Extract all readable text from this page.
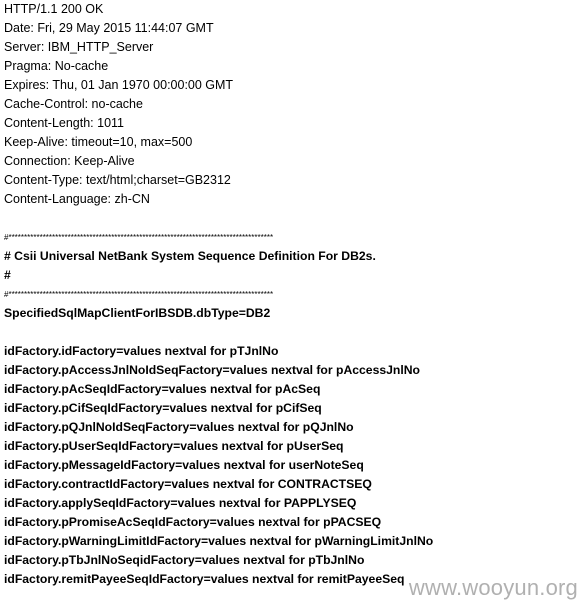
HTTP/1.1 200 OK
Date: Fri, 29 May 2015 11:44:07 GMT
Server: IBM_HTTP_Server
Pragma: No-cache
Expires: Thu, 01 Jan 1970 00:00:00 GMT
Cache-Control: no-cache
Content-Length: 1011
Keep-Alive: timeout=10, max=500
Connection: Keep-Alive
Content-Type: text/html;charset=GB2312
Content-Language: zh-CN
#*************************************************************************************
# Csii Universal NetBank System Sequence Definition For DB2s.
#
#*************************************************************************************
SpecifiedSqlMapClientForIBSDB.dbType=DB2
idFactory.idFactory=values nextval for pTJnlNo
idFactory.pAccessJnlNoIdSeqFactory=values nextval for pAccessJnlNo
idFactory.pAcSeqIdFactory=values nextval for pAcSeq
idFactory.pCifSeqIdFactory=values nextval for pCifSeq
idFactory.pQJnlNoIdSeqFactory=values nextval for pQJnlNo
idFactory.pUserSeqIdFactory=values nextval for pUserSeq
idFactory.pMessageIdFactory=values nextval for userNoteSeq
idFactory.contractIdFactory=values nextval for CONTRACTSEQ
idFactory.applySeqIdFactory=values nextval for PAPPLYSEQ
idFactory.pPromiseAcSeqIdFactory=values nextval for pPACSEQ
idFactory.pWarningLimitIdFactory=values nextval for pWarningLimitJnlNo
idFactory.pTbJnlNoSeqidFactory=values nextval for pTbJnlNo
idFactory.remitPayeeSeqIdFactory=values nextval for remitPayeeSeq www.wooyun.org
